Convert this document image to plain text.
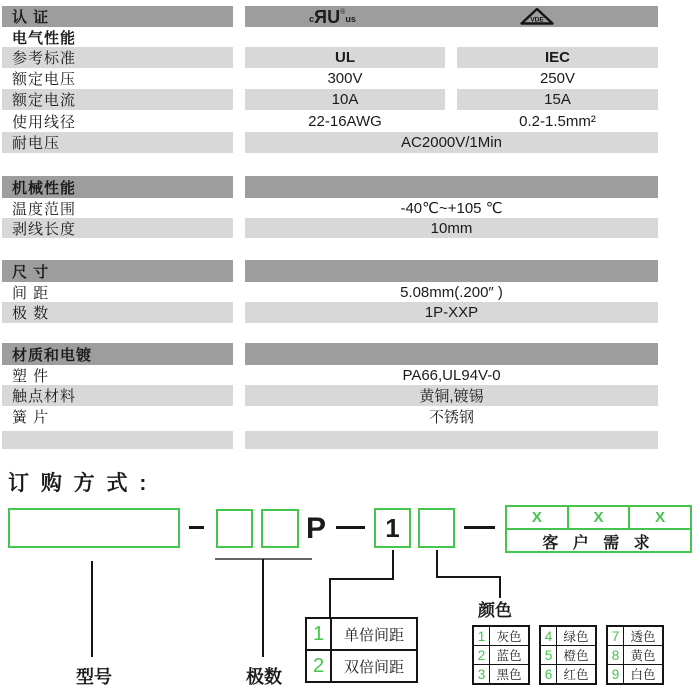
认 证	c RU ®
us	VDE
订 购 方 式 :
P 1	X	X	X
客 户 需 求
1	单倍间距
2	双倍间距
颜色
1 灰色
2 蓝色
3 黑色
4 绿色
5 橙色
6 红色
7 透色
8 黄色
9 白色
型号	极数
电气性能
参考标准	UL	IEC
额定电压	300V	250V
额定电流	10A	15A
使用线径	22-16AWG	0.2-1.5mm²
耐电压	AC2000V/1Min
机械性能
温度范围	-40℃~+105 ℃
剥线长度	10mm
尺 寸
间 距	5.08mm(.200″ )
极 数	1P-XXP
材质和电镀
塑 件	PA66,UL94V-0
触点材料	黄铜,镀锡
簧 片	不锈钢
